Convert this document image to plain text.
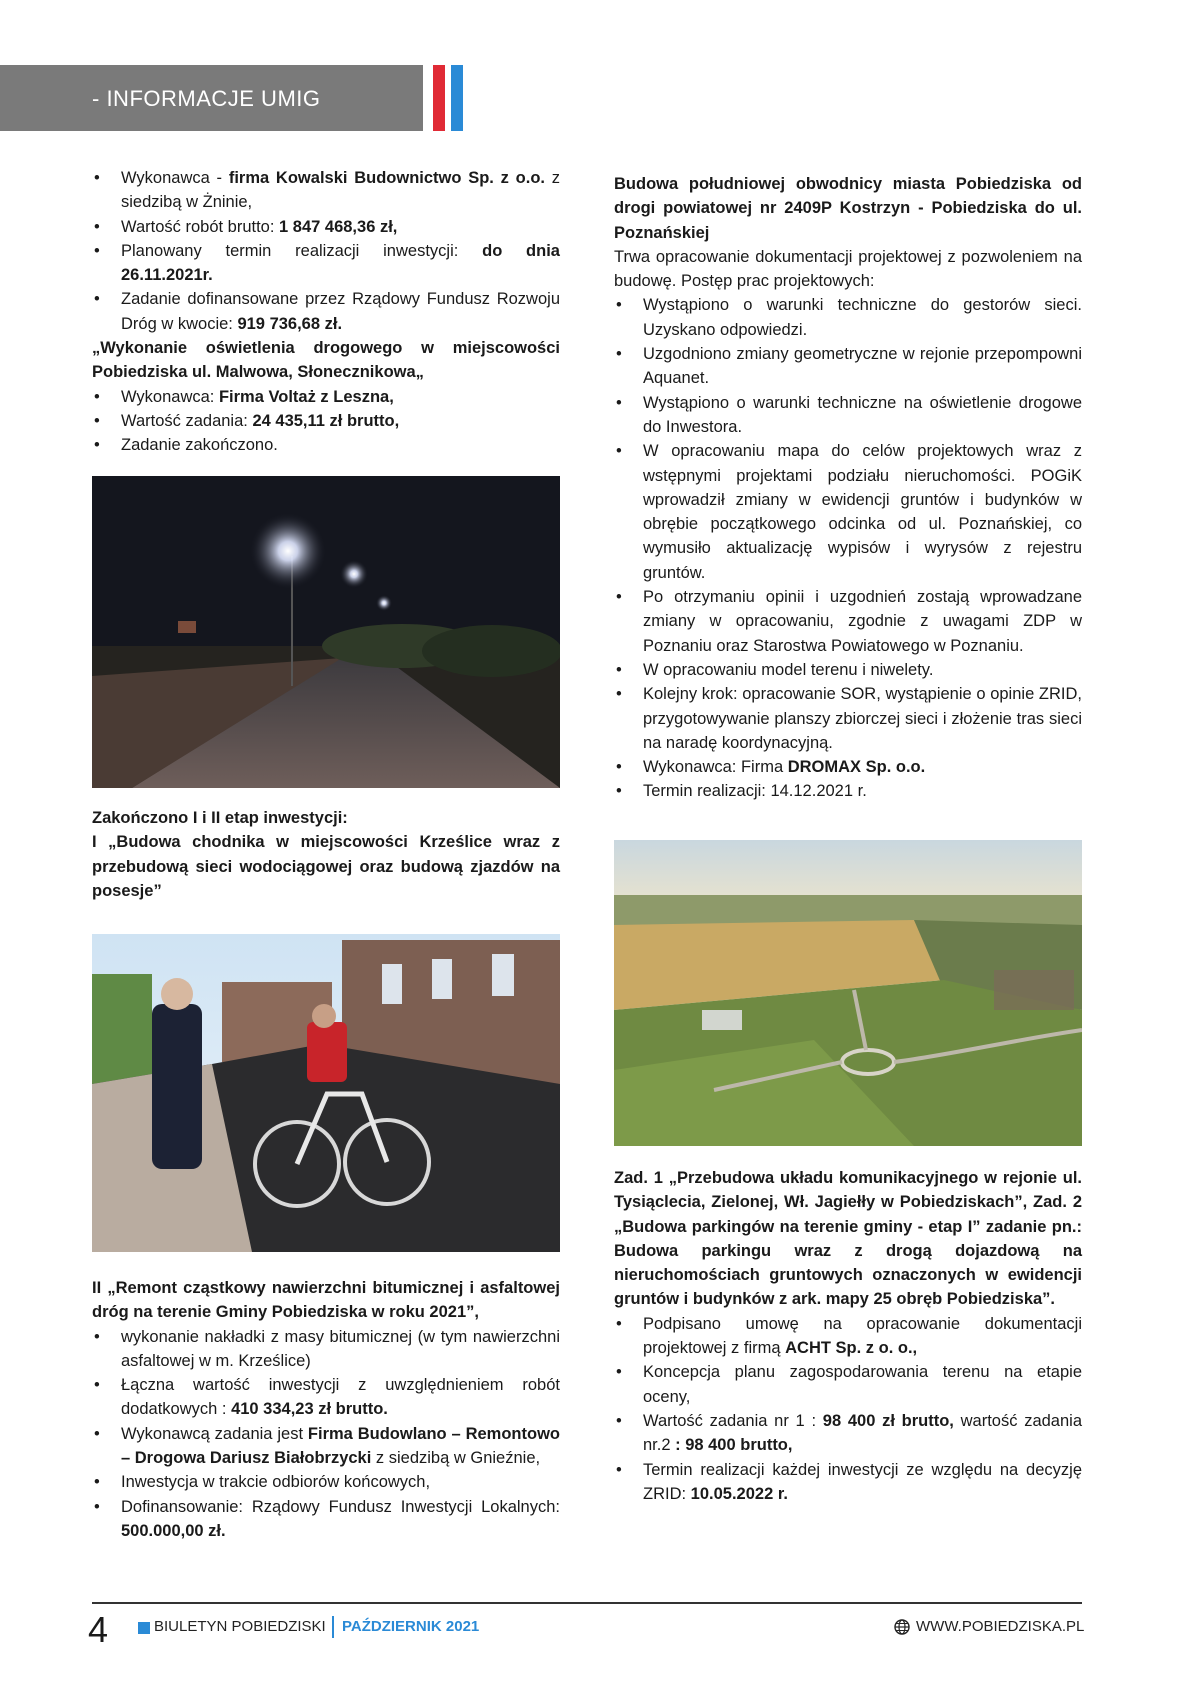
- INFORMACJE UMIG
• Wykonawca - firma Kowalski Budownictwo Sp. z o.o. z siedzibą w Żninie,
• Wartość robót brutto: 1 847 468,36 zł,
• Planowany termin realizacji inwestycji: do dnia 26.11.2021r.
• Zadanie dofinansowane przez Rządowy Fundusz Rozwoju Dróg w kwocie: 919 736,68 zł.

„Wykonanie oświetlenia drogowego w miejscowości Pobiedziska ul. Malwowa, Słonecznikowa„

• Wykonawca: Firma Voltaż z Leszna,
• Wartość zadania: 24 435,11 zł brutto,
• Zadanie zakończono.

Zakończono I i II etap inwestycji:

I „Budowa chodnika w miejscowości Krześlice wraz z przebudową sieci wodociągowej oraz budową zjazdów na posesje”

II „Remont cząstkowy nawierzchni bitumicznej i asfaltowej dróg na terenie Gminy Pobiedziska w roku 2021”,

• wykonanie nakładki z masy bitumicznej (w tym nawierzchni asfaltowej w m. Krześlice)
• Łączna wartość inwestycji z uwzględnieniem robót dodatkowych : 410 334,23 zł brutto.
• Wykonawcą zadania jest Firma Budowlano – Remontowo – Drogowa Dariusz Białobrzycki z siedzibą w Gnieźnie,
• Inwestycja w trakcie odbiorów końcowych,
• Dofinansowanie: Rządowy Fundusz Inwestycji Lokalnych: 500.000,00 zł.

Budowa południowej obwodnicy miasta Pobiedziska od drogi powiatowej nr 2409P Kostrzyn - Pobiedziska do ul. Poznańskiej

Trwa opracowanie dokumentacji projektowej z pozwoleniem na budowę. Postęp prac projektowych:

• Wystąpiono o warunki techniczne do gestorów sieci. Uzyskano odpowiedzi.
• Uzgodniono zmiany geometryczne w rejonie przepompowni Aquanet.
• Wystąpiono o warunki techniczne na oświetlenie drogowe do Inwestora.
• W opracowaniu mapa do celów projektowych wraz z wstępnymi projektami podziału nieruchomości. POGiK wprowadził zmiany w ewidencji gruntów i budynków w obrębie początkowego odcinka od ul. Poznańskiej, co wymusiło aktualizację wypisów i wyrysów z rejestru gruntów.
• Po otrzymaniu opinii i uzgodnień zostają wprowadzane zmiany w opracowaniu, zgodnie z uwagami ZDP w Poznaniu oraz Starostwa Powiatowego w Poznaniu.
• W opracowaniu model terenu i niwelety.
• Kolejny krok: opracowanie SOR, wystąpienie o opinie ZRID, przygotowywanie planszy zbiorczej sieci i złożenie tras sieci na naradę koordynacyjną.
• Wykonawca: Firma DROMAX Sp. o.o.
• Termin realizacji: 14.12.2021 r.

Zad. 1 „Przebudowa układu komunikacyjnego w rejonie ul. Tysiąclecia, Zielonej, Wł. Jagiełły w Pobiedziskach”, Zad. 2 „Budowa parkingów na terenie gminy - etap I” zadanie pn.: Budowa parkingu wraz z drogą dojazdową na nieruchomościach gruntowych oznaczonych w ewidencji gruntów i budynków z ark. mapy 25 obręb Pobiedziska”.

• Podpisano umowę na opracowanie dokumentacji projektowej z firmą ACHT Sp. z o. o.,
• Koncepcja planu zagospodarowania terenu na etapie oceny,
• Wartość zadania nr 1 : 98 400 zł brutto, wartość zadania nr.2 : 98 400 brutto,
• Termin realizacji każdej inwestycji ze względu na decyzję ZRID: 10.05.2022 r.
4	BIULETYN POBIEDZISKI PAŹDZIERNIK 2021	WWW.POBIEDZISKA.PL
